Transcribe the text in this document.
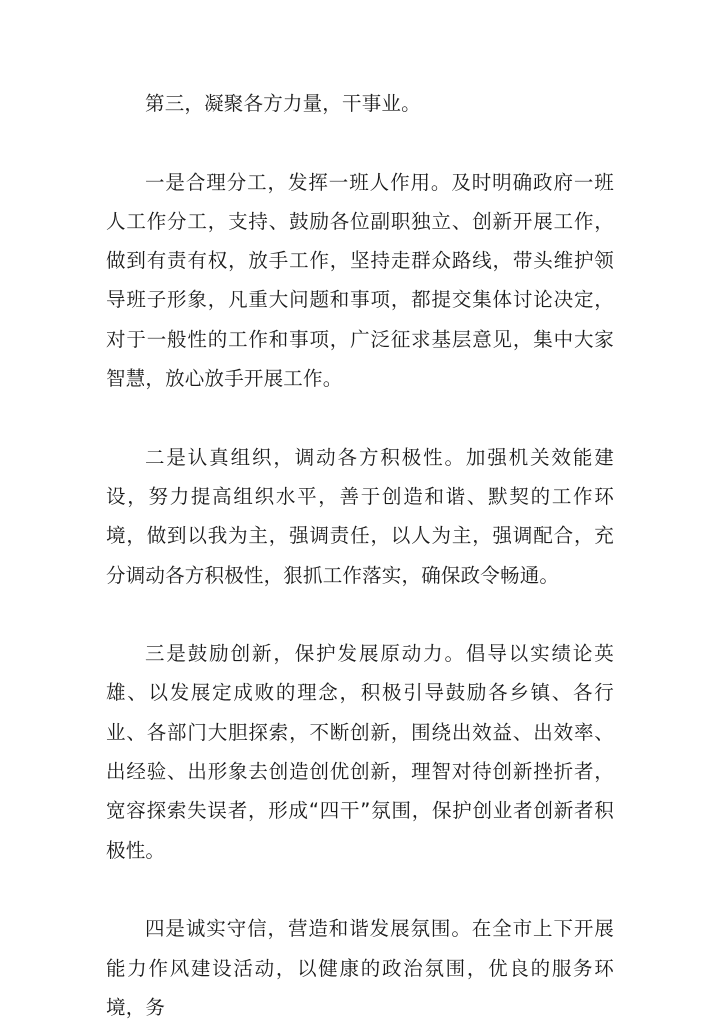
第三，凝聚各方力量，干事业。

一是合理分工，发挥一班人作用。及时明确政府一班人工作分工，支持、鼓励各位副职独立、创新开展工作，做到有责有权，放手工作，坚持走群众路线，带头维护领导班子形象，凡重大问题和事项，都提交集体讨论决定，对于一般性的工作和事项，广泛征求基层意见，集中大家智慧，放心放手开展工作。

二是认真组织，调动各方积极性。加强机关效能建设，努力提高组织水平，善于创造和谐、默契的工作环境，做到以我为主，强调责任，以人为主，强调配合，充分调动各方积极性，狠抓工作落实，确保政令畅通。

三是鼓励创新，保护发展原动力。倡导以实绩论英雄、以发展定成败的理念，积极引导鼓励各乡镇、各行业、各部门大胆探索，不断创新，围绕出效益、出效率、出经验、出形象去创造创优创新，理智对待创新挫折者，宽容探索失误者，形成“四干”氛围，保护创业者创新者积极性。

四是诚实守信，营造和谐发展氛围。在全市上下开展能力作风建设活动，以健康的政治氛围，优良的服务环境，务
